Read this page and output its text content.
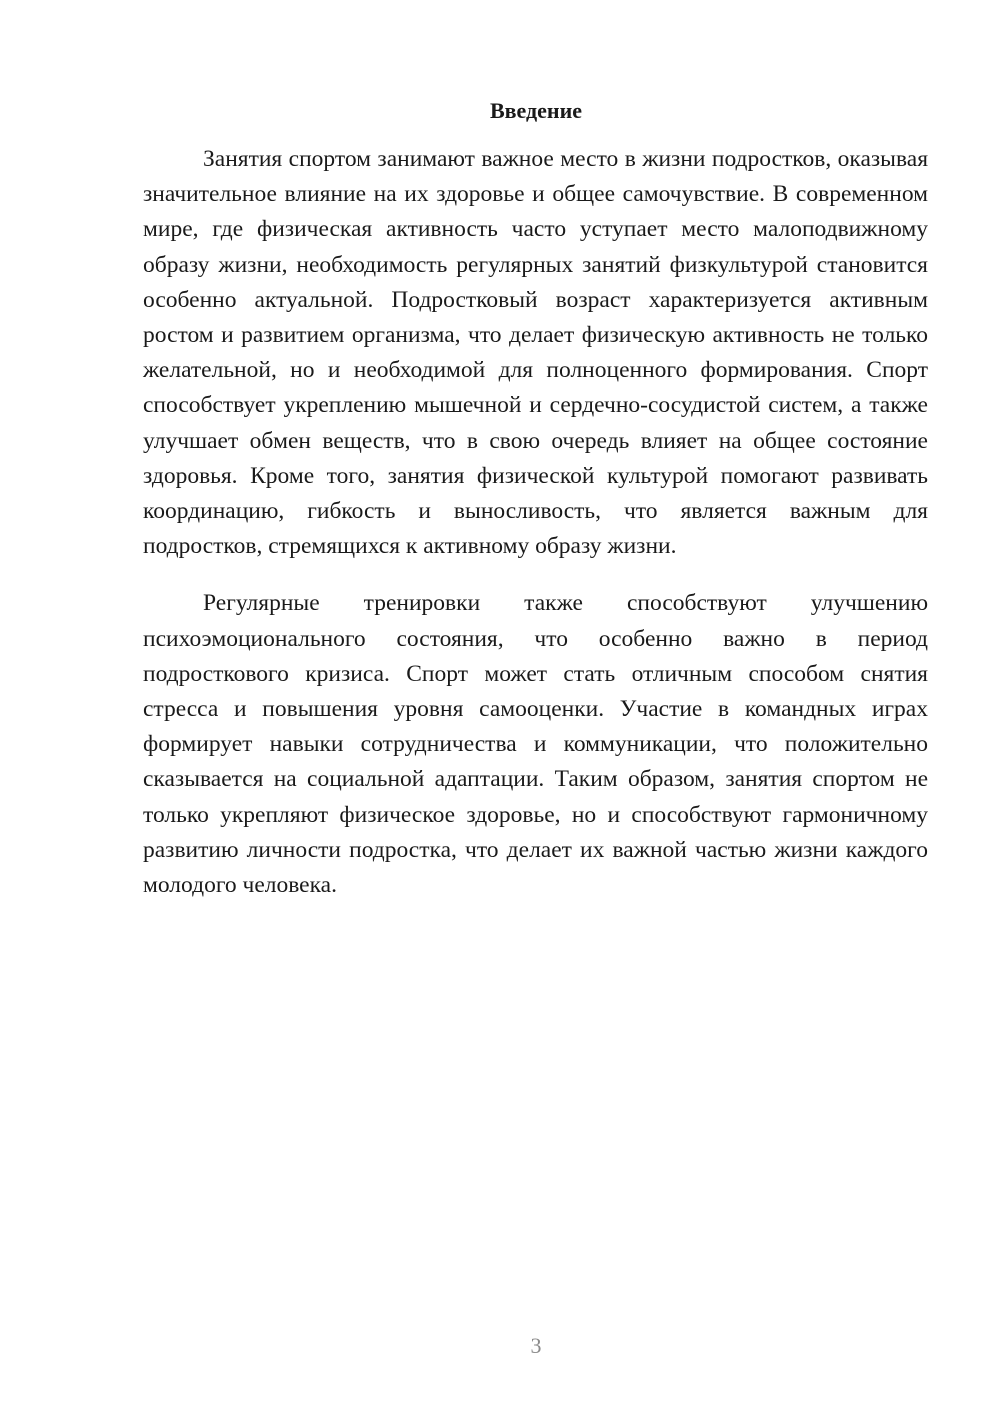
Введение

Занятия спортом занимают важное место в жизни подростков, оказывая значительное влияние на их здоровье и общее самочувствие. В современном мире, где физическая активность часто уступает место малоподвижному образу жизни, необходимость регулярных занятий физкультурой становится особенно актуальной. Подростковый возраст характеризуется активным ростом и развитием организма, что делает физическую активность не только желательной, но и необходимой для полноценного формирования. Спорт способствует укреплению мышечной и сердечно-сосудистой систем, а также улучшает обмен веществ, что в свою очередь влияет на общее состояние здоровья. Кроме того, занятия физической культурой помогают развивать координацию, гибкость и выносливость, что является важным для подростков, стремящихся к активному образу жизни.

Регулярные тренировки также способствуют улучшению психоэмоционального состояния, что особенно важно в период подросткового кризиса. Спорт может стать отличным способом снятия стресса и повышения уровня самооценки. Участие в командных играх формирует навыки сотрудничества и коммуникации, что положительно сказывается на социальной адаптации. Таким образом, занятия спортом не только укрепляют физическое здоровье, но и способствуют гармоничному развитию личности подростка, что делает их важной частью жизни каждого молодого человека.

3
